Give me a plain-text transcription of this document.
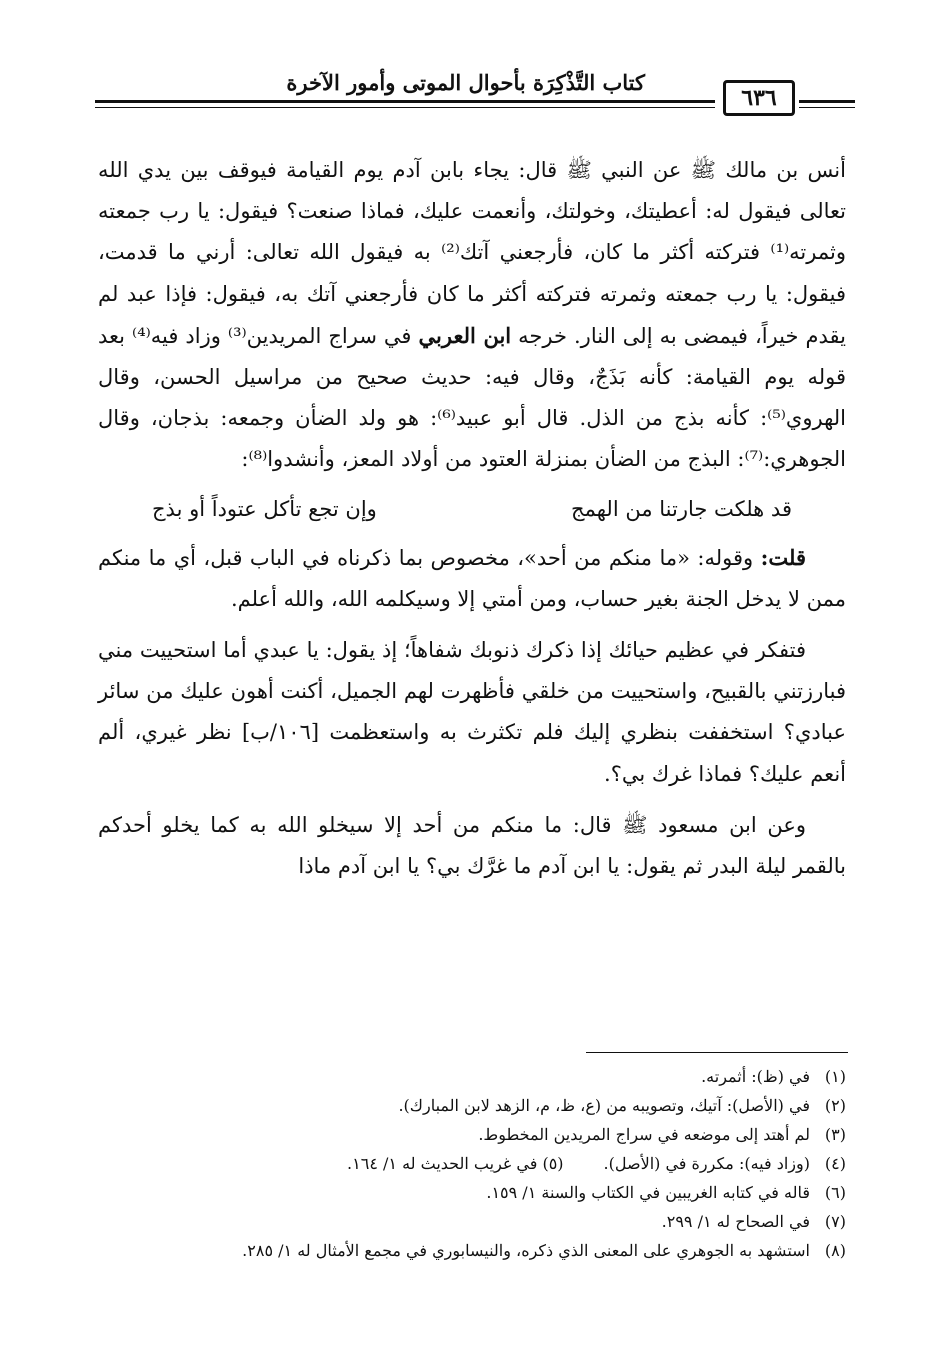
كتاب التَّذْكِرَة بأحوال الموتى وأمور الآخرة
٦٣٦

أنس بن مالك ﷺ عن النبي ﷺ قال: يجاء بابن آدم يوم القيامة فيوقف بين يدي الله تعالى فيقول له: أعطيتك، وخولتك، وأنعمت عليك، فماذا صنعت؟ فيقول: يا رب جمعته وثمرته⁽¹⁾ فتركته أكثر ما كان، فأرجعني آتك⁽²⁾ به فيقول الله تعالى: أرني ما قدمت، فيقول: يا رب جمعته وثمرته فتركته أكثر ما كان فأرجعني آتك به، فيقول: فإذا عبد لم يقدم خيراً، فيمضى به إلى النار. خرجه ابن العربي في سراج المريدين⁽³⁾ وزاد فيه⁽⁴⁾ بعد قوله يوم القيامة: كأنه بَذَجٌ، وقال فيه: حديث صحيح من مراسيل الحسن، وقال الهروي⁽⁵⁾: كأنه بذج من الذل. قال أبو عبيد⁽⁶⁾: هو ولد الضأن وجمعه: بذجان، وقال الجوهري:⁽⁷⁾: البذج من الضأن بمنزلة العتود من أولاد المعز، وأنشدوا⁽⁸⁾:

قد هلكت جارتنا من الهمج
وإن تجع تأكل عتوداً أو بذج

قلت: وقوله: «ما منكم من أحد»، مخصوص بما ذكرناه في الباب قبل، أي ما منكم ممن لا يدخل الجنة بغير حساب، ومن أمتي إلا وسيكلمه الله، والله أعلم.

فتفكر في عظيم حيائك إذا ذكرك ذنوبك شفاهاً؛ إذ يقول: يا عبدي أما استحييت مني فبارزتني بالقبيح، واستحييت من خلقي فأظهرت لهم الجميل، أكنت أهون عليك من سائر عبادي؟ استخففت بنظري إليك فلم تكثرث به واستعظمت [١٠٦/ب] نظر غيري، ألم أنعم عليك؟ فماذا غرك بي؟.

وعن ابن مسعود ﷺ قال: ما منكم من أحد إلا سيخلو الله به كما يخلو أحدكم بالقمر ليلة البدر ثم يقول: يا ابن آدم ما غرَّك بي؟ يا ابن آدم ماذا

(١)في (ظ): أثمرته.
(٢)في (الأصل): آتيك، وتصويبه من (ع، ظ، م، الزهد لابن المبارك).
(٣)لم أهتد إلى موضعه في سراج المريدين المخطوط.
(٤)(وزاد فيه): مكررة في (الأصل).(٥) في غريب الحديث له ١/ ١٦٤.
(٦)قاله في كتابه الغريبين في الكتاب والسنة ١/ ١٥٩.
(٧)في الصحاح له ١/ ٢٩٩.
(٨)استشهد به الجوهري على المعنى الذي ذكره، والنيسابوري في مجمع الأمثال له ١/ ٢٨٥.
